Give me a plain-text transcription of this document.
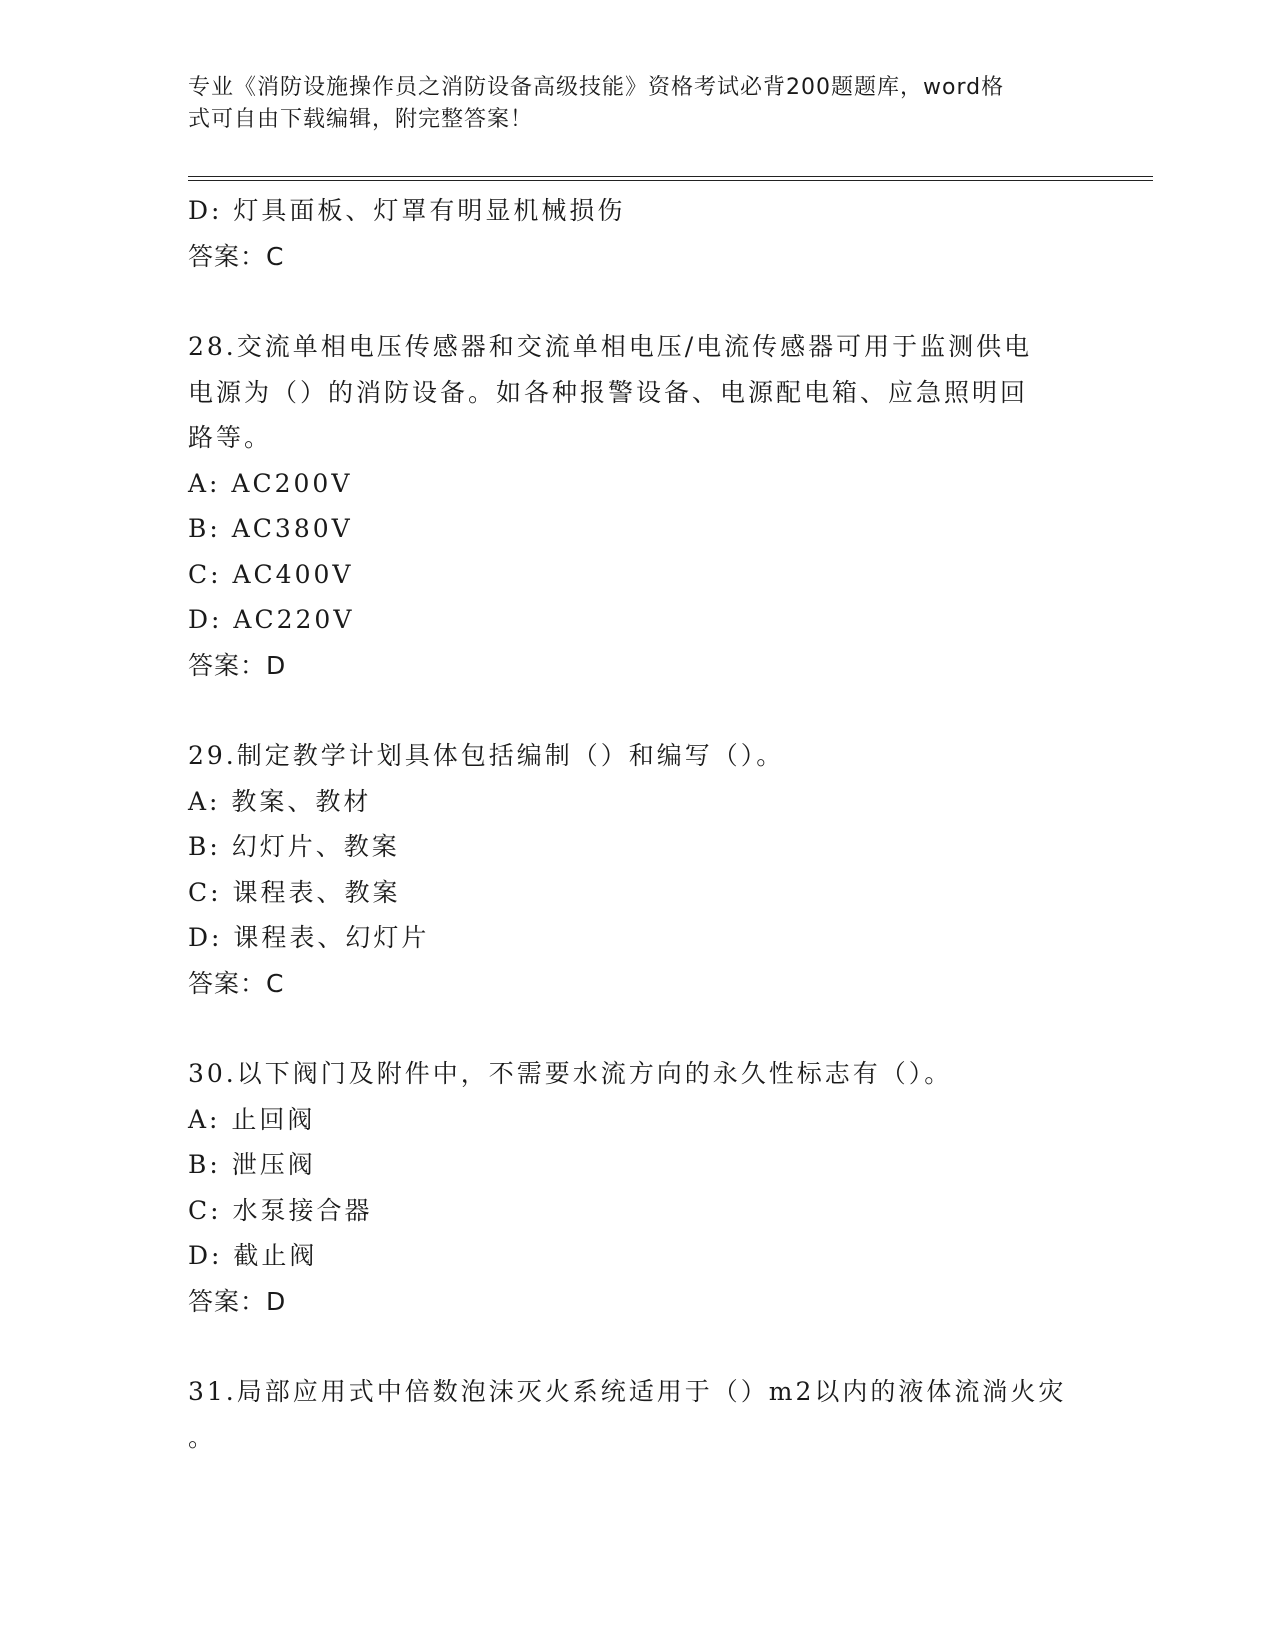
专业《消防设施操作员之消防设备高级技能》资格考试必背200题题库，word格
式可自由下载编辑，附完整答案！
D: 灯具面板、灯罩有明显机械损伤
答案：C
28.交流单相电压传感器和交流单相电压/电流传感器可用于监测供电
电源为（）的消防设备。如各种报警设备、电源配电箱、应急照明回
路等。
A: AC200V
B: AC380V
C: AC400V
D: AC220V
答案：D
29.制定教学计划具体包括编制（）和编写（）。
A: 教案、教材
B: 幻灯片、教案
C: 课程表、教案
D: 课程表、幻灯片
答案：C
30.以下阀门及附件中，不需要水流方向的永久性标志有（）。
A: 止回阀
B: 泄压阀
C: 水泵接合器
D: 截止阀
答案：D
31.局部应用式中倍数泡沫灭火系统适用于（）m2以内的液体流淌火灾
。
